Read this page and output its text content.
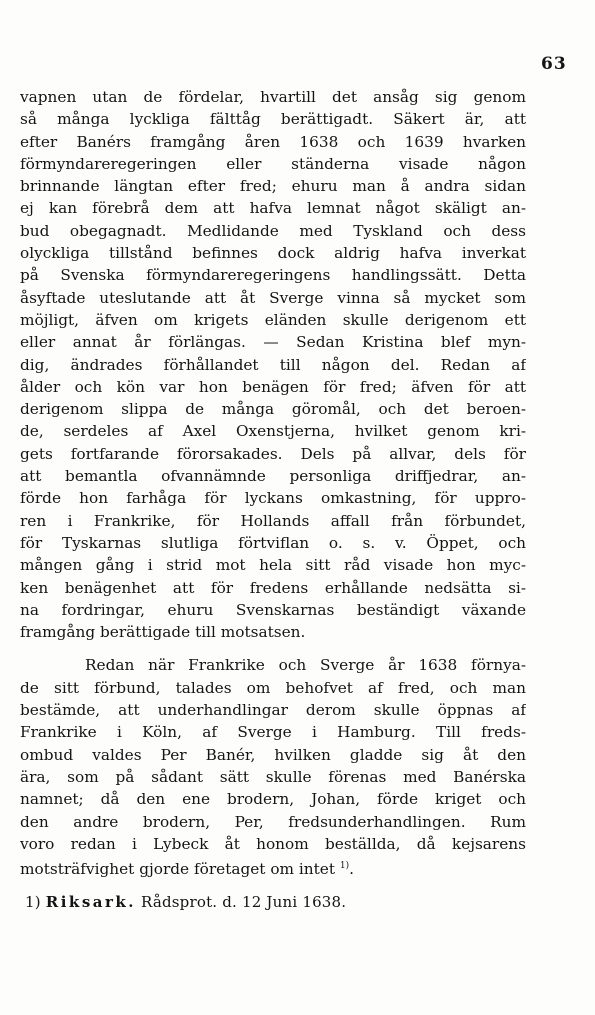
63
vapnen utan de fördelar, hvartill det ansåg sig genom
så många lyckliga fälttåg berättigadt. Säkert är, att
efter Banérs framgång åren 1638 och 1639 hvarken
förmyndareregeringen eller ständerna visade någon
brinnande längtan efter fred; ehuru man å andra sidan
ej kan förebrå dem att hafva lemnat något skäligt an-
bud obegagnadt. Medlidande med Tyskland och dess
olyckliga tillstånd befinnes dock aldrig hafva inverkat
på Svenska förmyndareregeringens handlingssätt. Detta
åsyftade uteslutande att åt Sverge vinna så mycket som
möjligt, äfven om krigets eländen skulle derigenom ett
eller annat år förlängas. — Sedan Kristina blef myn-
dig, ändrades förhållandet till någon del. Redan af
ålder och kön var hon benägen för fred; äfven för att
derigenom slippa de många göromål, och det beroen-
de, serdeles af Axel Oxenstjerna, hvilket genom kri-
gets fortfarande förorsakades. Dels på allvar, dels för
att bemantla ofvannämnde personliga driffjedrar, an-
förde hon farhåga för lyckans omkastning, för uppro-
ren i Frankrike, för Hollands affall från förbundet,
för Tyskarnas slutliga förtviflan o. s. v. Öppet, och
mången gång i strid mot hela sitt råd visade hon myc-
ken benägenhet att för fredens erhållande nedsätta si-
na fordringar, ehuru Svenskarnas beständigt växande
framgång berättigade till motsatsen.
Redan när Frankrike och Sverge år 1638 förnya-
de sitt förbund, talades om behofvet af fred, och man
bestämde, att underhandlingar derom skulle öppnas af
Frankrike i Köln, af Sverge i Hamburg. Till freds-
ombud valdes Per Banér, hvilken gladde sig åt den
ära, som på sådant sätt skulle förenas med Banérska
namnet; då den ene brodern, Johan, förde kriget och
den andre brodern, Per, fredsunderhandlingen. Rum
voro redan i Lybeck åt honom beställda, då kejsarens
motsträfvighet gjorde företaget om intet $^{1)}$.
1) Riksark. Rådsprot. d. 12 Juni 1638.
